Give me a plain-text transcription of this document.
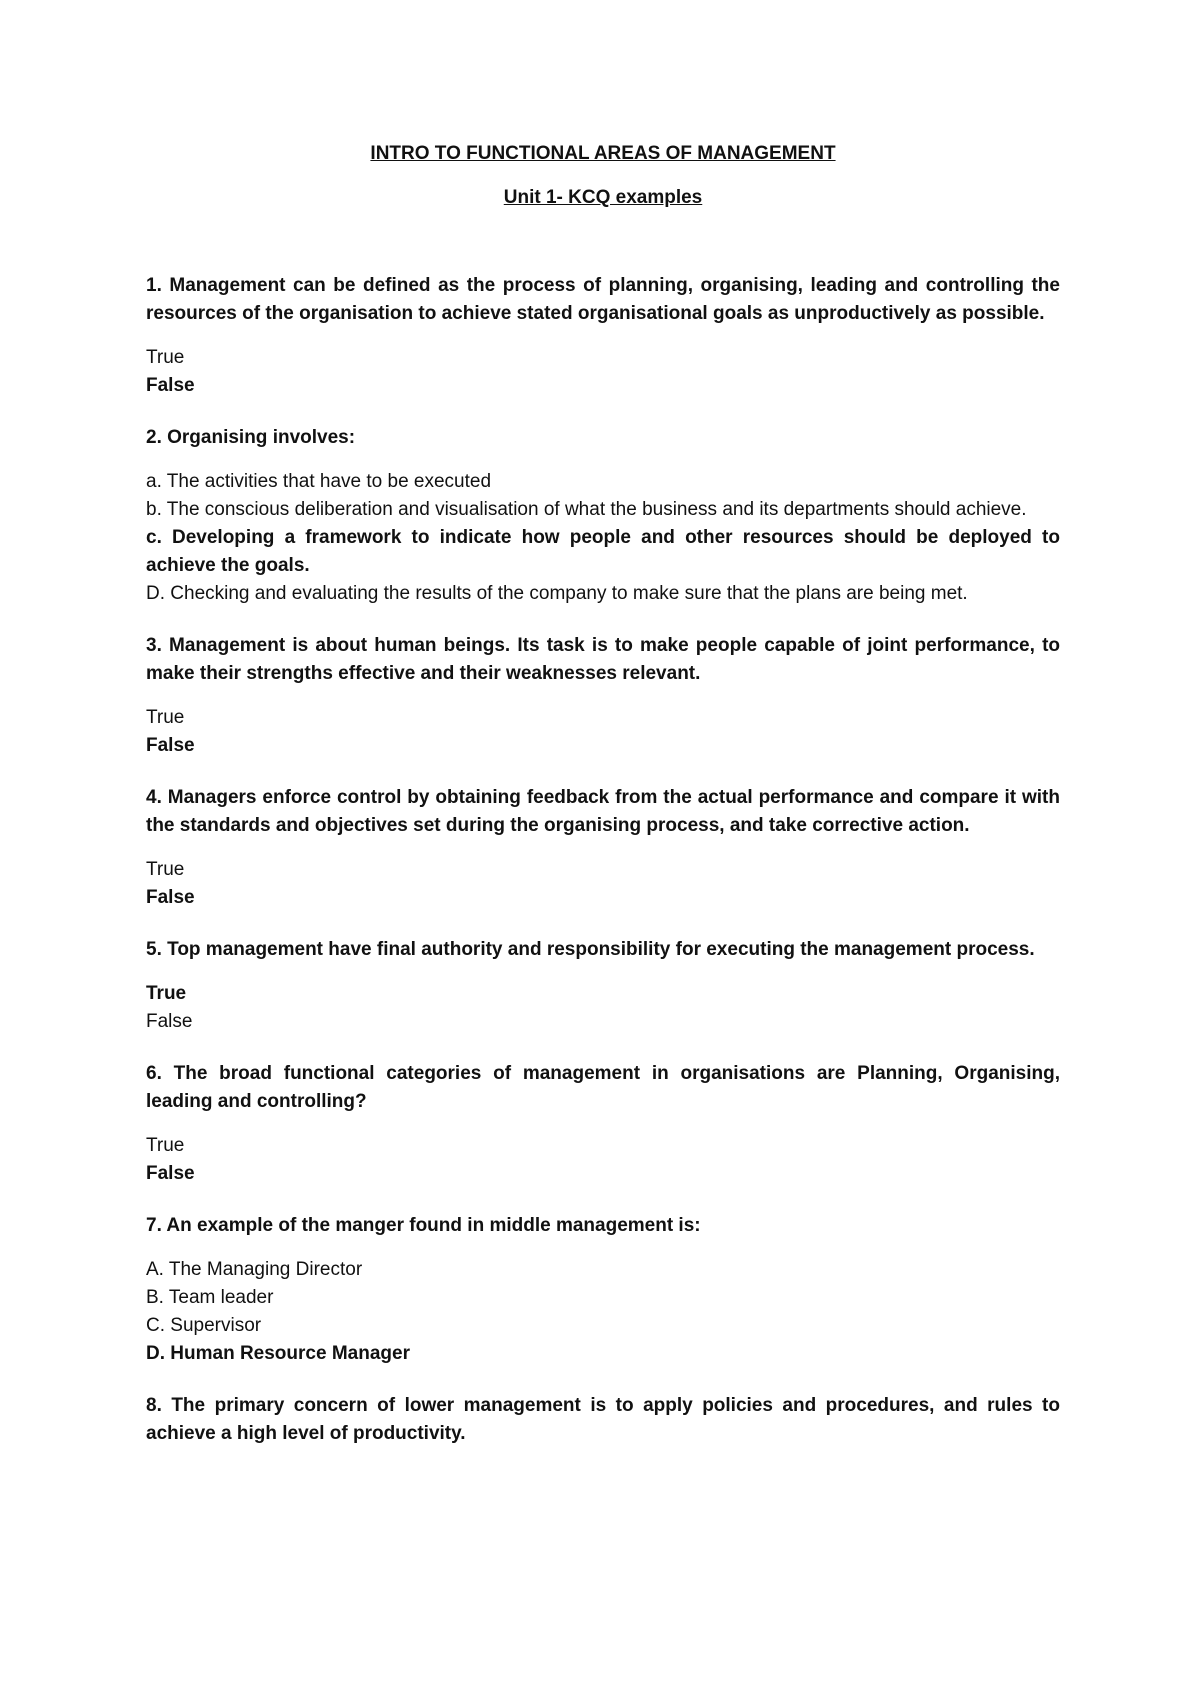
INTRO TO FUNCTIONAL AREAS OF MANAGEMENT

Unit 1- KCQ examples

1. Management can be defined as the process of planning, organising, leading and controlling the resources of the organisation to achieve stated organisational goals as unproductively as possible.

True
False

2. Organising involves:

a. The activities that have to be executed
b. The conscious deliberation and visualisation of what the business and its departments should achieve.
c. Developing a framework to indicate how people and other resources should be deployed to achieve the goals.
D. Checking and evaluating the results of the company to make sure that the plans are being met.

3. Management is about human beings. Its task is to make people capable of joint performance, to make their strengths effective and their weaknesses relevant.

True
False

4. Managers enforce control by obtaining feedback from the actual performance and compare it with the standards and objectives set during the organising process, and take corrective action.

True
False

5. Top management have final authority and responsibility for executing the management process.

True
False

6. The broad functional categories of management in organisations are Planning, Organising, leading and controlling?

True
False

7. An example of the manger found in middle management is:

A. The Managing Director
B. Team leader
C. Supervisor
D. Human Resource Manager

8. The primary concern of lower management is to apply policies and procedures, and rules to achieve a high level of productivity.
